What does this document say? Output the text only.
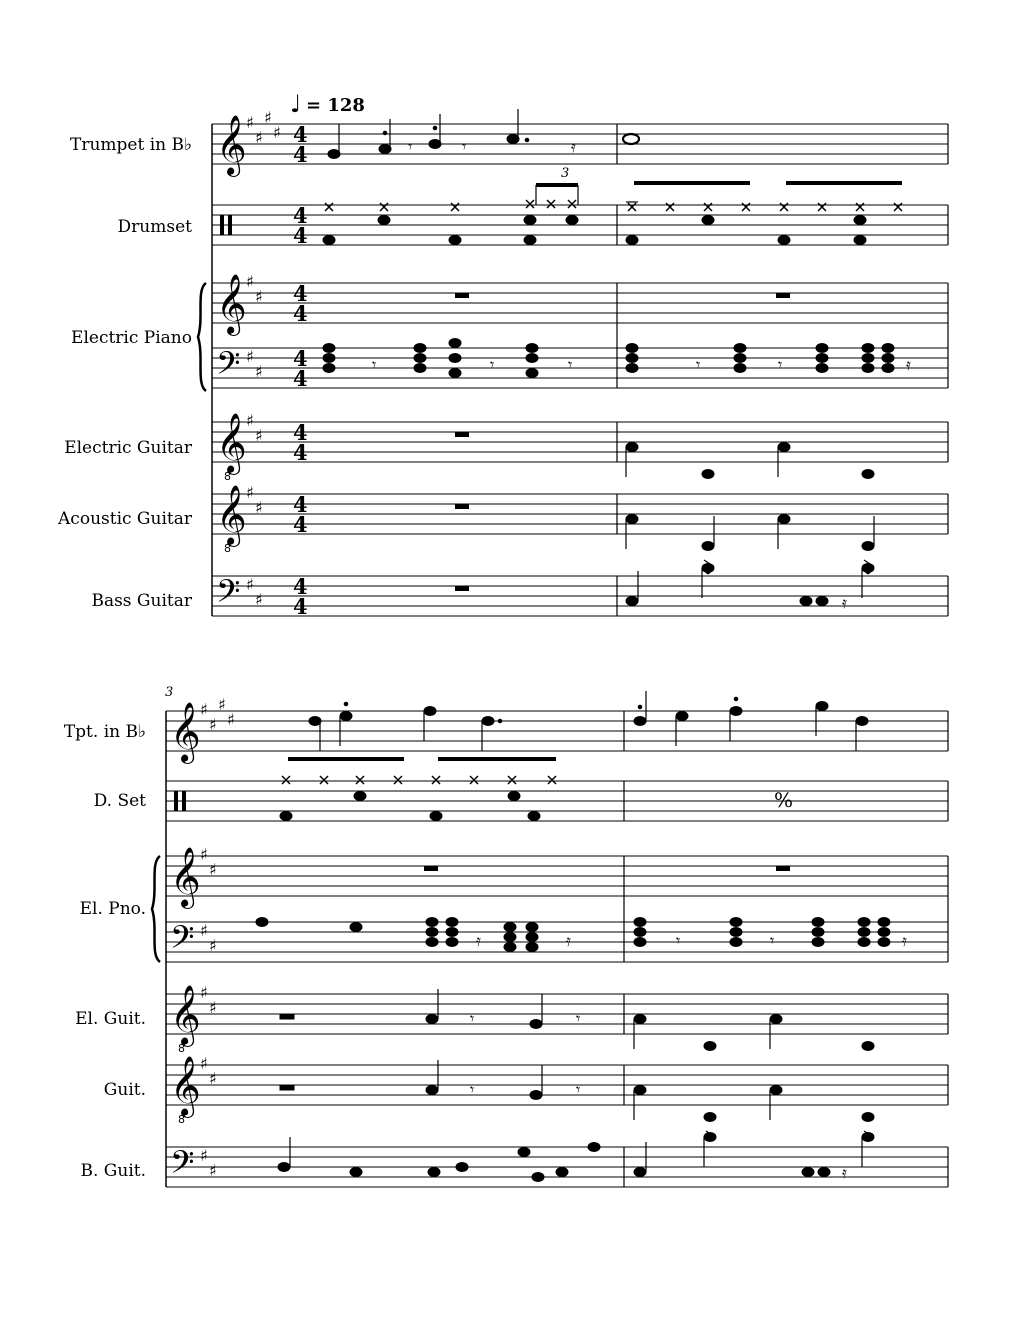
♩ = 128
Trumpet in B♭
Drumset
Electric Piano
Electric Guitar
Acoustic Guitar
Bass Guitar
𝄞
𝄞
𝄢
𝄞
8
𝄞
8
𝄢
♯
♯
♯
♯
♯
♯
♯
♯
♯
♯
♯
♯
♯
♯
4
4
4
4
4
4
4
4
4
4
4
4
4
4
𝄾	𝄾	𝄿
3
𝄾	𝄾	𝄾	𝄾	𝄾	𝄿
𝄿
3
Tpt. in B♭
D. Set
El. Pno.
El. Guit.
Guit.
B. Guit.
𝄞
𝄞
𝄢
𝄞
8
𝄞
8
𝄢
♯
♯
♯
♯
♯
♯
♯
♯
♯
♯
♯
♯
♯
♯
%
𝄿	𝄿	𝄾	𝄾	𝄿
𝄾	𝄾
𝄾	𝄾
𝄿
